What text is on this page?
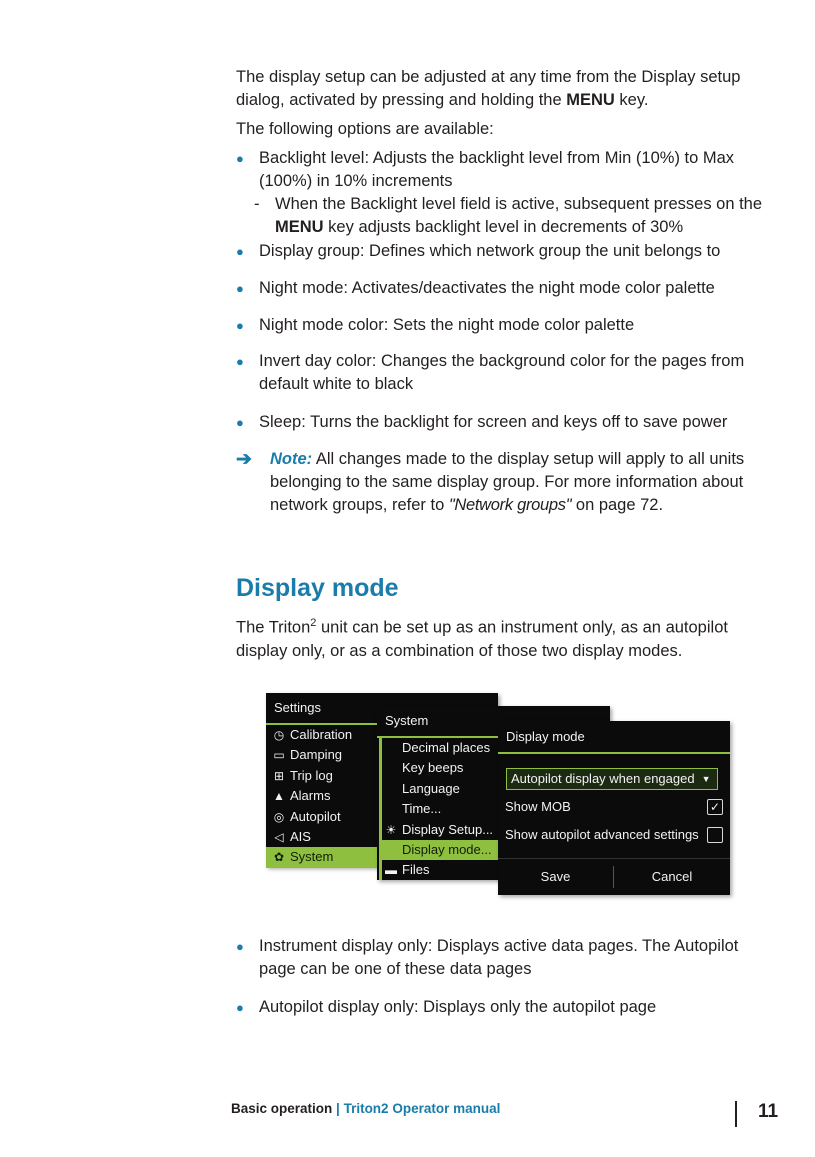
The display setup can be adjusted at any time from the Display setup dialog, activated by pressing and holding the MENU key.

The following options are available:

● Backlight level: Adjusts the backlight level from Min (10%) to Max (100%) in 10% increments
- When the Backlight level field is active, subsequent presses on the MENU key adjusts backlight level in decrements of 30%
● Display group: Defines which network group the unit belongs to
● Night mode: Activates/deactivates the night mode color palette
● Night mode color: Sets the night mode color palette
● Invert day color: Changes the background color for the pages from default white to black
● Sleep: Turns the backlight for screen and keys off to save power
➔ Note: All changes made to the display setup will apply to all units belonging to the same display group. For more information about network groups, refer to "Network groups" on page 72.
Display mode

The Triton$^2$ unit can be set up as an instrument only, as an autopilot display only, or as a combination of those two display modes.

Settings
◷ Calibration
▭ Damping
⊞ Trip log
▲ Alarms
◎ Autopilot
◁ AIS
✿ System
System
Decimal places
Key beeps
Language
Time...
☀ Display Setup...
Display mode...
▬ Files
Display mode
Autopilot display when engaged ▼
Show MOB	✓
Show autopilot advanced settings
Save	Cancel
● Instrument display only: Displays active data pages. The Autopilot page can be one of these data pages
● Autopilot display only: Displays only the autopilot page
Basic operation | Triton2 Operator manual	11
